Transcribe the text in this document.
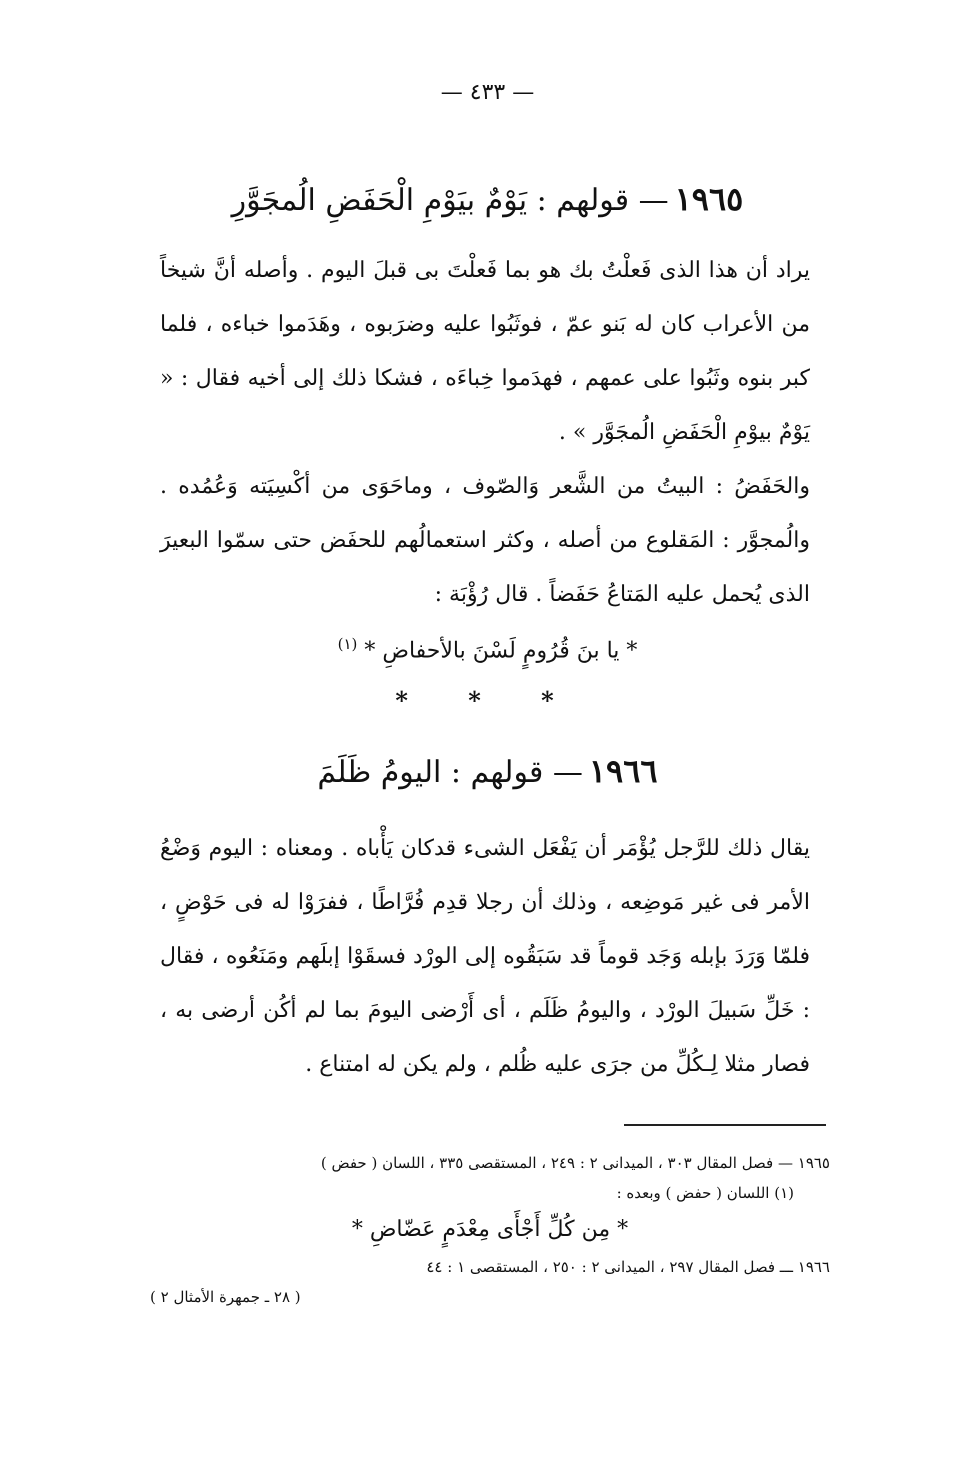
— ٤٣٣ —
١٩٦٥— قولهم : يَوْمٌ بيَوْمِ الْحَفَضِ الُمجَوَّرِ

يراد أن هذا الذى فَعلْتُ بك هو بما فَعلْتَ بى قبلَ اليوم . وأصله أنَّ شيخاً من الأعراب كان له بَنو عمّ ، فوثَبُوا عليه وضرَبوه ، وهَدَموا خباءه ، فلما كبر بنوه وثَبُوا على عمهم ، فهدَموا خِباءَه ، فشكا ذلك إلى أخيه فقال : « يَوْمٌ بيوْمِ الْحَفَضِ الُمجَوَّر » .

والحَفَضُ : البيتُ من الشَّعر وَالصّوف ، وماحَوَى من أكْسِيَته وَعُمُده . والُمجوَّر : المَقلوع من أصله ، وكثر استعمالُهم للحفَض حتى سمّوا البعيرَ الذى يُحمل عليه المَتاعُ حَفَضاً . قال رُؤْبَة :

* يا بنَ قُرُومٍ لَسْنَ بالأحفاضِ * $^{(١)}$
* * *
١٩٦٦— قولهم : اليومُ ظَلَمَ

يقال ذلك للرَّجل يُؤْمَر أن يَفْعَل الشىء قدكان يَأْباه . ومعناه : اليوم وَضْعُ الأمر فى غير مَوضِعه ، وذلك أن رجلا قدِم فُرَّاطًا ، ففرَوْا له فى حَوْضٍ ، فلمّا وَرَدَ بإبله وَجَد قوماً قد سَبَقُوه إلى الورْد فسقَوْا إبلَهم ومَنَعُوه ، فقال : خَلِّ سَبيلَ الورْد ، واليومُ ظَلَم ، أى أَرْضى اليومَ بما لم أكُن أرضى به ، فصار مثلا لِـكُلِّ من جرَى عليه ظُلم ، ولم يكن له امتناع .

١٩٦٥ — فصل المقال ٣٠٣ ، الميدانى ٢ : ٢٤٩ ، المستقصى ٣٣٥ ، اللسان ( حفض )

(١) اللسان ( حفض ) وبعده :

* مِن كُلِّ أَجْأَى مِعْدَمٍ عَضّاضِ *

١٩٦٦ ـــ فصل المقال ٢٩٧ ، الميدانى ٢ : ٢٥٠ ، المستقصى ١ : ٤٤

( ٢٨ ـ جمهرة الأمثال ٢ )
